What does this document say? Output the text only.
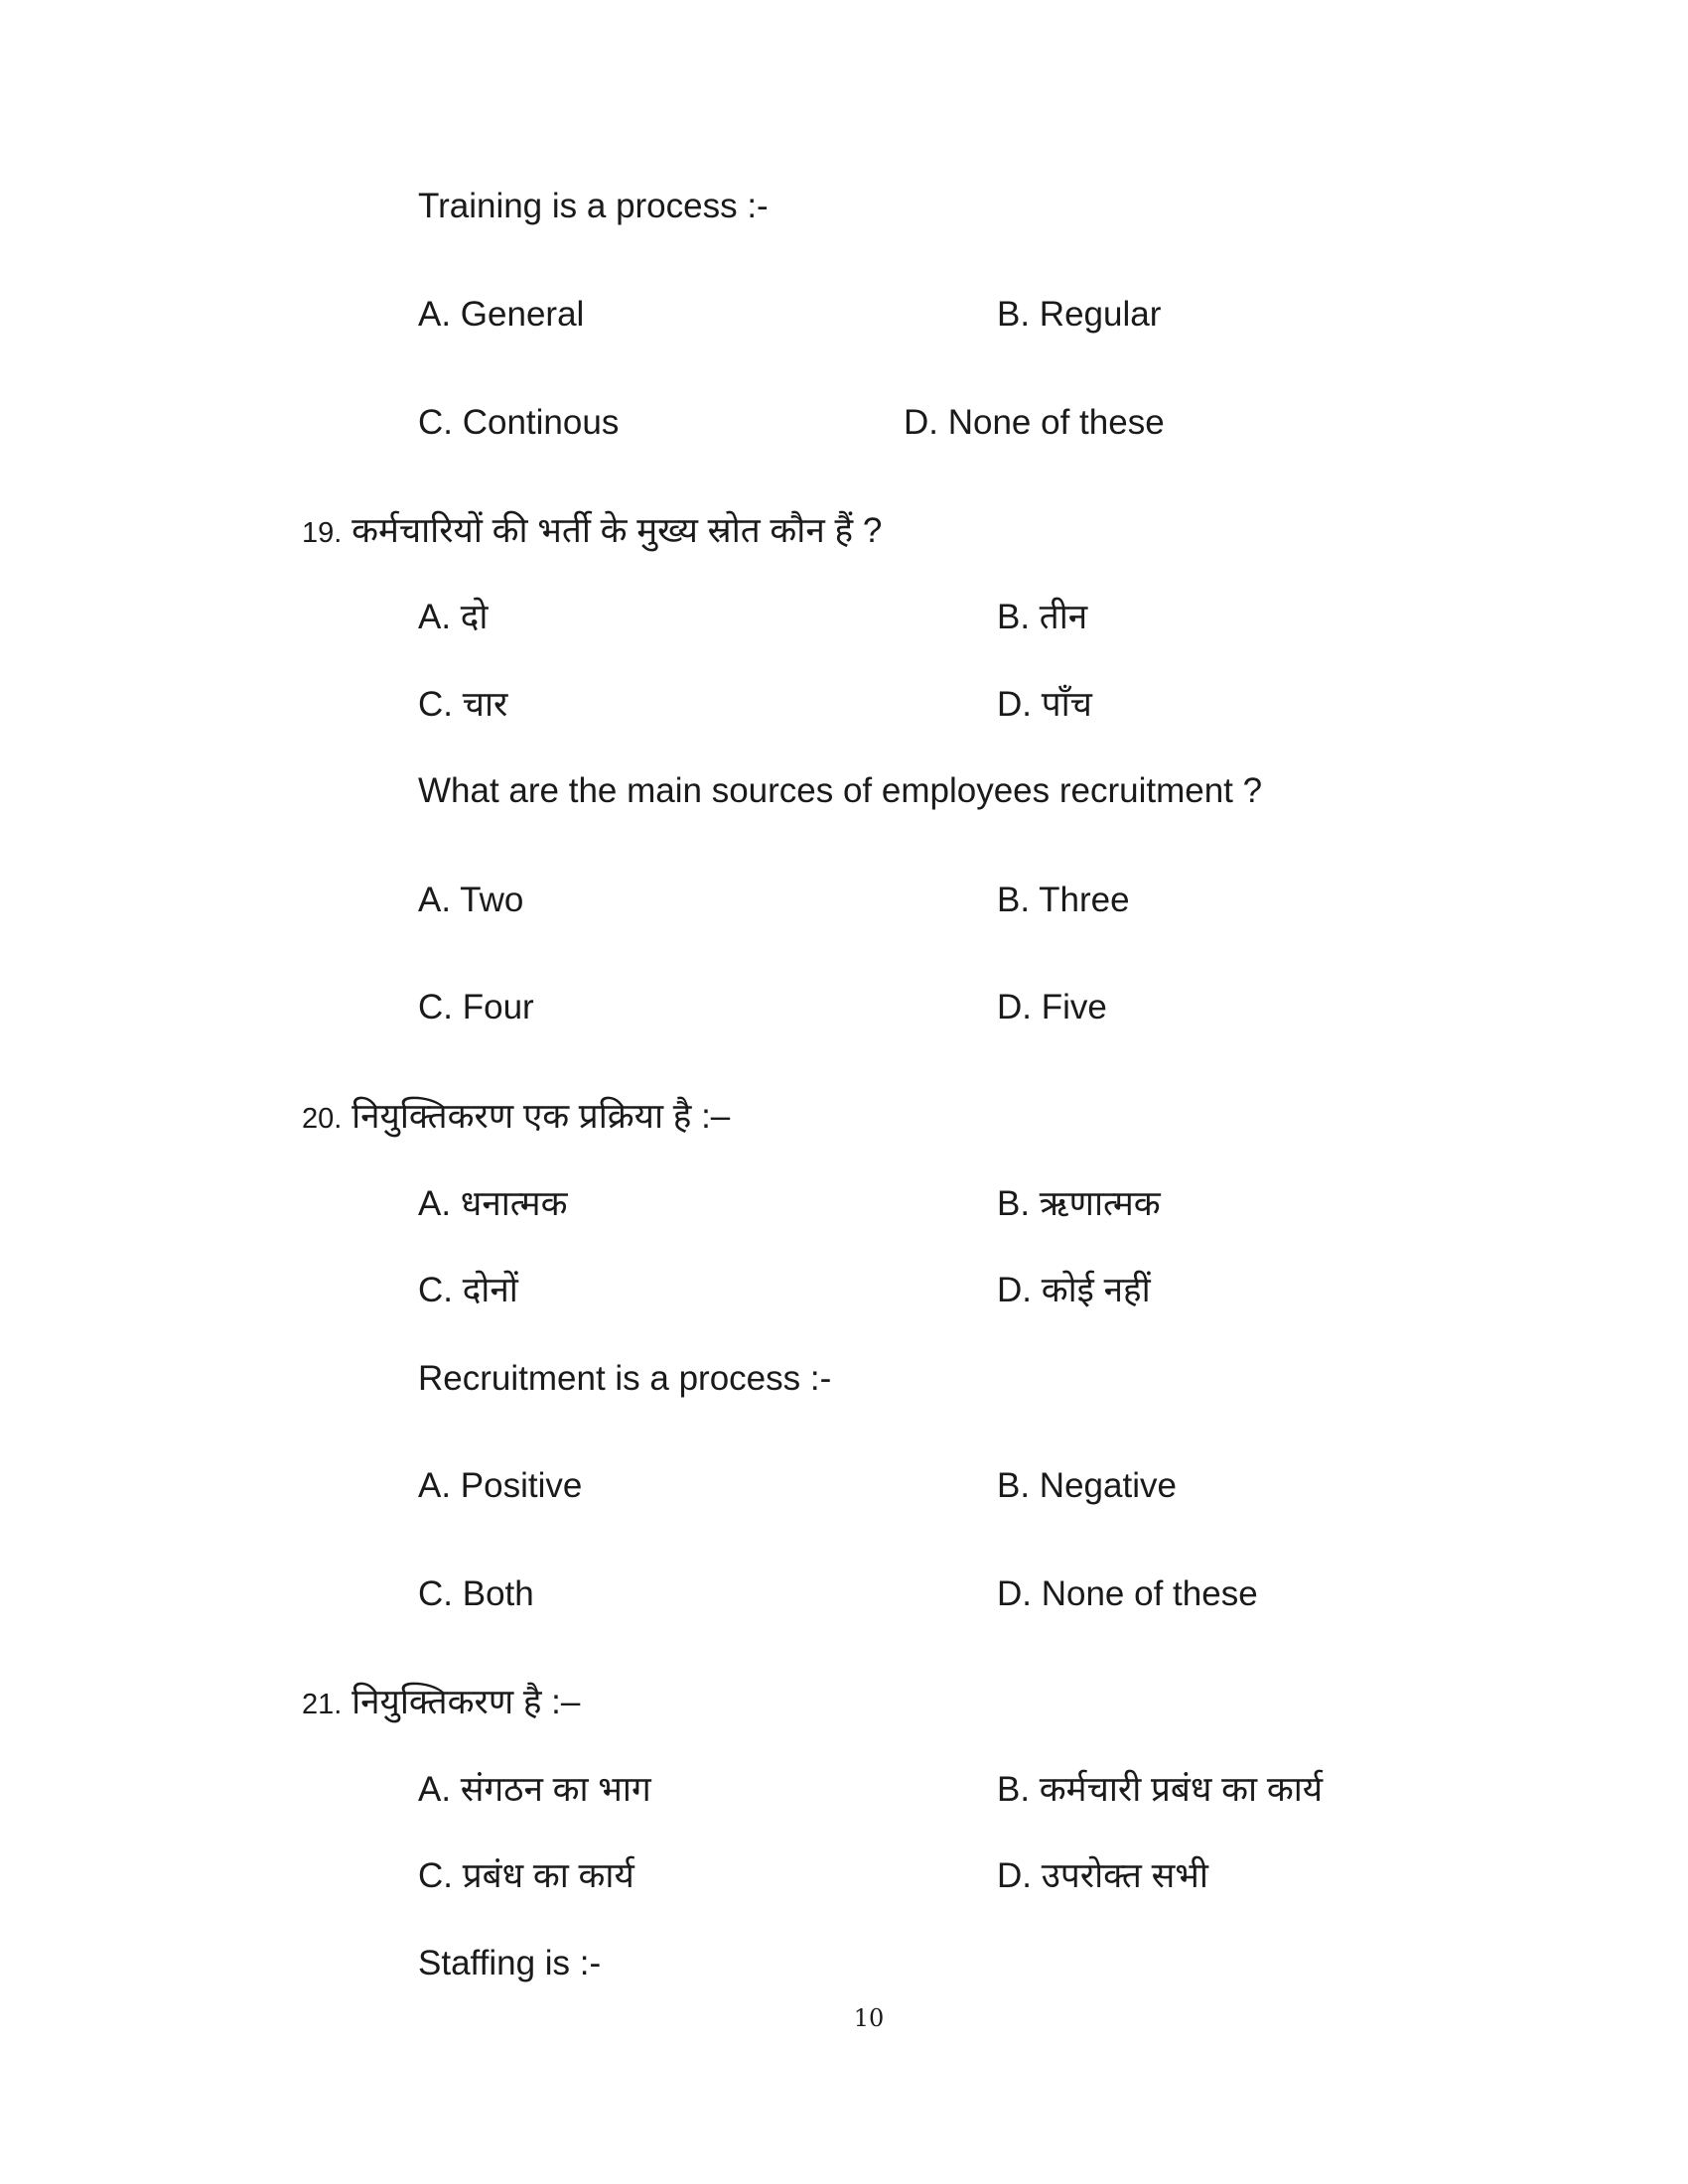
Training is a process :-
A. General	B. Regular
C. Continous	D. None of these
19. कर्मचारियों की भर्ती के मुख्य स्रोत कौन हैं ?
A. दो	B. तीन
C. चार	D. पाँच
What are the main sources of employees recruitment ?
A. Two	B. Three
C. Four	D. Five
20. नियुक्तिकरण एक प्रक्रिया है :–
A. धनात्मक	B. ऋणात्मक
C. दोनों	D. कोई नहीं
Recruitment is a process :-
A. Positive	B. Negative
C. Both	D. None of these
21. नियुक्तिकरण है :–
A. संगठन का भाग	B. कर्मचारी प्रबंध का कार्य
C. प्रबंध का कार्य	D. उपरोक्त सभी
Staffing is :-
10
